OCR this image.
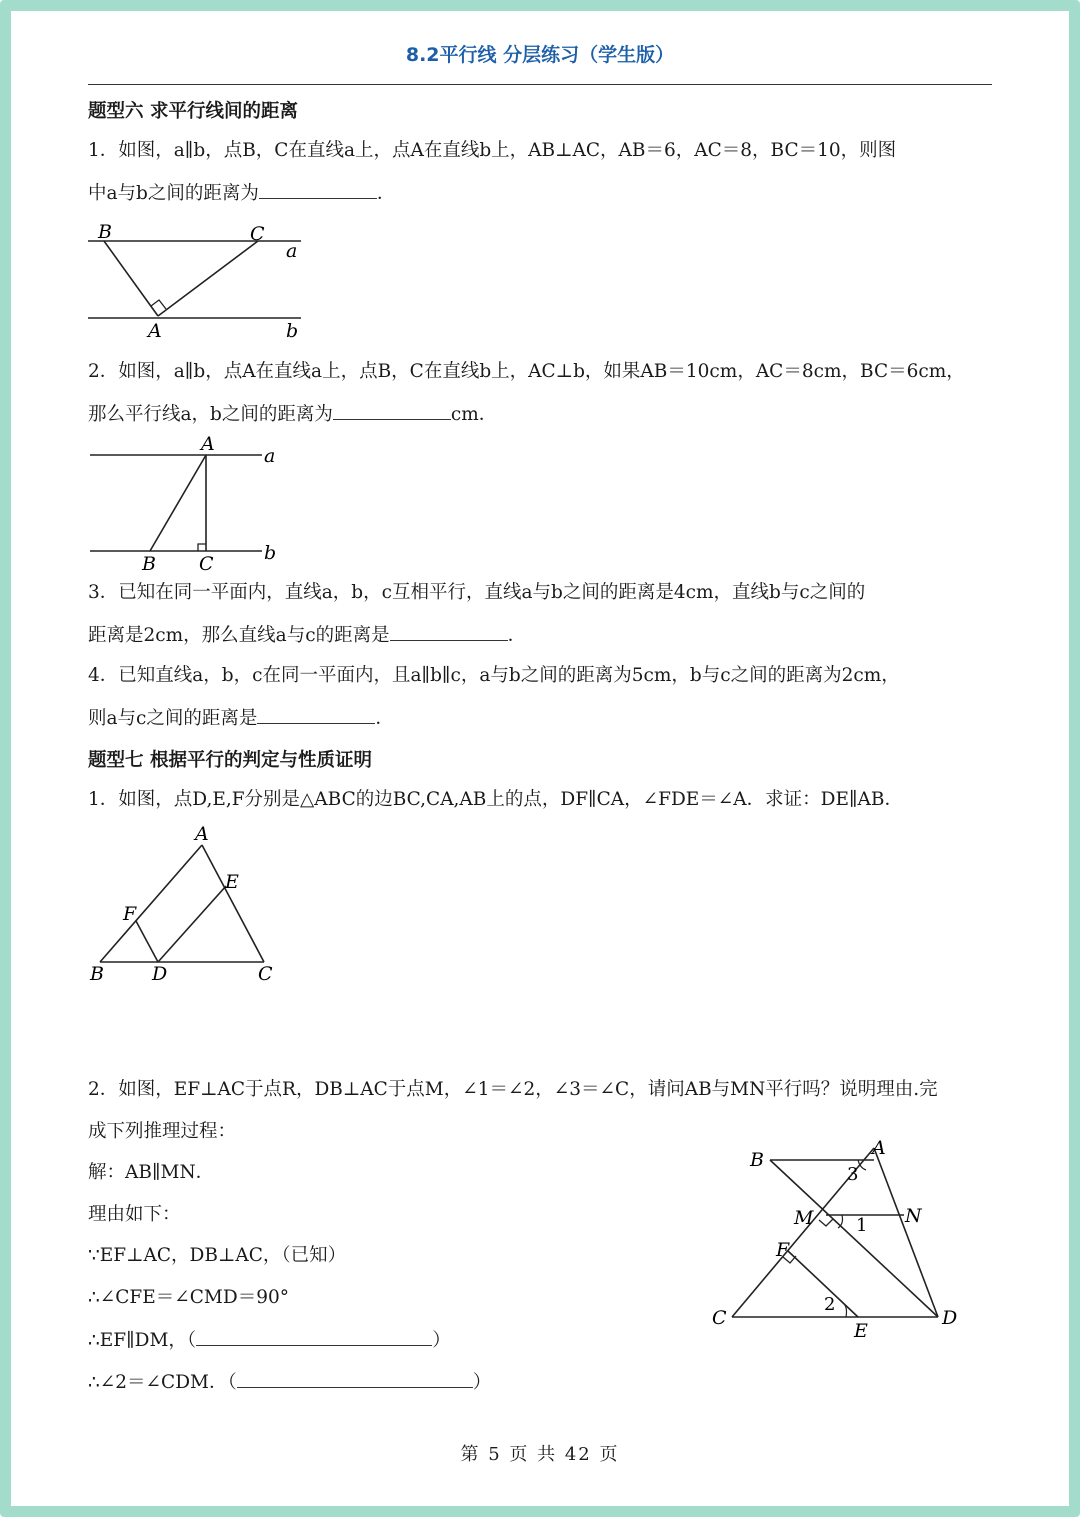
8.2平行线 分层练习（学生版）
题型六 求平行线间的距离
1．如图，a∥b，点B，C在直线a上，点A在直线b上，AB⊥AC，AB＝6，AC＝8，BC＝10，则图
中a与b之间的距离为	．
B	C
a
A	b
2．如图，a∥b，点A在直线a上，点B，C在直线b上，AC⊥b，如果AB＝10cm，AC＝8cm，BC＝6cm，
那么平行线a，b之间的距离为	cm．
A
a
B C	b
3．已知在同一平面内，直线a，b，c互相平行，直线a与b之间的距离是4cm，直线b与c之间的
距离是2cm，那么直线a与c的距离是	．
4．已知直线a，b，c在同一平面内，且a∥b∥c，a与b之间的距离为5cm，b与c之间的距离为2cm，
则a与c之间的距离是	．
题型七 根据平行的判定与性质证明
1．如图，点D,E,F分别是△ABC的边BC,CA,AB上的点，DF∥CA，∠FDE＝∠A．求证：DE∥AB．
A
E
F
B	D	C
2．如图，EF⊥AC于点R，DB⊥AC于点M，∠1＝∠2，∠3＝∠C，请问AB与MN平行吗？说明理由.完
成下列推理过程：
解：AB∥MN．
理由如下：
∵EF⊥AC，DB⊥AC，（已知）
∴∠CFE＝∠CMD＝90°
∴EF∥DM，（	）
∴∠2＝∠CDM．（	）
B
A
3
M 1 N
F
2
C
E
D
第 5 页 共 42 页
